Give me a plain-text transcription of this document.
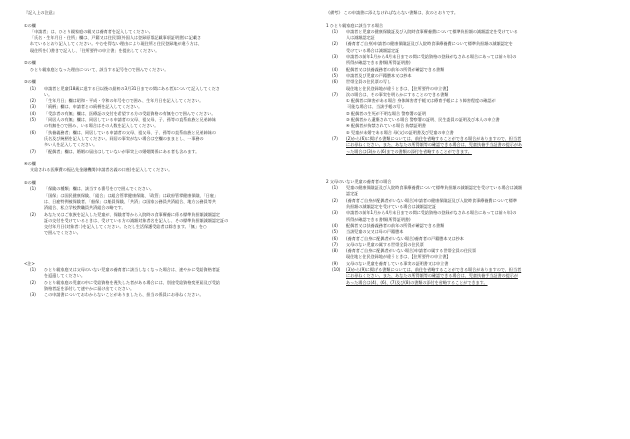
『記入上の注意』
①の欄
「申請者」は、ひとり親家庭の親又は養育者を記入してください。
「氏名・生年月日・住所」欄は、戸籍又は住民票(外国人は登録原票記載事項証明書)に記載さ
れているとおり記入してください。やむを得ない理由により現住所と住民登録地が違う方は、
現住所を( )書きで記入し、「住所要件の申立書」を提出してください。
②の欄
ひとり親家庭となった理由について、該当する記号を○で囲んでください。
③の欄
(1) 申請者と児童(18歳に達する日以後の最初の3月31日までの間にある者)について記入してくださ
い。
(2) 「生年月日」欄は昭和・平成・令和の年号を○で囲み、生年月日を記入してください。
(3) 「続柄」欄は、申請者との続柄を記入してください。
(4) 「受診者の有無」欄は、医療証の交付を希望する方の受給資格の有無を○で囲んでください。
(5) 「同居人の有無」欄は、同居している申請者の父母、祖父母、子、孫等の直系血族と兄弟姉妹
の有無を○で囲み、いる場合はその人数を記入してください。
(6) 「扶養義務者」欄は、同居している申請者の父母、祖父母、子、孫等の直系血族と兄弟姉妹の
氏名及び統柄を記入してください。同居の事実がない場合は空欄のままとし、一事務の
多い人を記入してください。
(7) 「配偶者」欄は、婚姻の届出はしていないが事実上の婚姻関係にある者も含みます。
④の欄
支給される医療費の振込先金融機関(申請者名義の口座)を記入してください。
⑤の欄
(1) 「保険の種類」欄は、該当する番号を○で囲んでください。
「国保」は国民健康保険、「組合」は組合管掌健康保険、「政管」は政府管掌健康保険、「日雇」
は、日雇特例被保険者、「船保」は船員保険、「共済」は国家公務員共済組合、地方公務員等共
済組合、私立学校教職員共済組合の略です。
(2) あなた又はご家族を記入した児童が、保険者等から入院時の食事療養に係る標準負担額減額認定
証の交付を受けているときは、受けている方の減額対象者名を記入し、その標準負担額減額認定証の
交付年月日(対象者: )を記入してください。ただし生活保護受給者は除きます。「無」を○
で囲んでください。
<注>
(1) ひとり親家庭又は父母のいない児童の養育者に該当しなくなった場合は、速やかに受給資格者証
を返還してください。
(2) ひとり親家庭の児童の中に受給資格を喪失した者がある場合には、別途受給資格変更届及び受給
資格者証を添付して速やかに届け出てください。
(3) この申請書についておわからないことがありましたら、担当の係員にお尋ねください。
《備考》 この申請書に添えなければならない書類は、次のとおりです。
1 ひとり親家庭に該当する場合
(1) 申請者と児童の健康保険証及び入院時食事療養費について標準負担額の減額認定を受けている
人は減額認定証
(2) (養育者ご自身)申請者の健康保険証及び入院時食事療養費について標準負担額の減額認定を
受けている場合は減額認定証
(3) 申請者の前年1月から4月末日までの間に受給資格の登録がなされる場合にあっては前々年)の
所得が確認できる書類(所得証明書)
(4) 配偶者又は扶養義務者の前年の所得が確認できる書類
(5) 申請者及び児童の戸籍謄本又は抄本
(6) 世帯全員の住民票の写し
現住地と住民登録地が違うときは、【住所要件の申立書】
(7) 次の場合は、その事実を明らかにすることのできる書類
① 配偶者に障害がある場合 身体障害者手帳又は療育手帳により障害程度の確認が
可能な場合は、当該手帳の写し
② 配偶者の生死が不明な場合 警察署の証明
③ 配偶者から遺棄されている場合 警察署の証明、民生委員の証明及び本人の申立書
④ 配偶者が拘禁されている場合 拘禁証明書
⑤ 児童が未婚である場合 母(父)の証明書及び児童の申立書
(7) (2)から(6)に掲げる書類については、前住を省略することができる場合がありますので、担当者
にお尋ねください。また、あなたの所得額等の確認できる場合は、児童扶養手当証書の提示があ
った場合は(3)から(6)までの書類の添付を省略することができます。
2 父母のいない児童の養育者の場合
(1) 児童の健康保険証及び入院時食事療養費について標準負担額の減額認定を受けている場合は減額
認定証
(2) (養育者ご自身が配偶者がいない場合)申請者の健康保険証及び入院時食事療養費について標準
負担額の減額認定を受けている場合は減額認定証
(3) 申請者の前年1月から4月末日までの間に受給資格の登録がなされる場合にあっては前々年)の
所得が確認できる書類(所得証明書)
(4) 配偶者又は扶養義務者の前年の所得が確認できる書類
(5) 当該児童の父又は母の戸籍謄本
(6) (養育者ご自身に配偶者がいない場合)養育者の戸籍謄本又は抄本
(7) 父母のない児童の属する世帯全員の住民票
(8) (養育者ご自身に配偶者がいない場合)申請者の属する世帯全員の住民票
現住地と住民登録地が違うときは、【住所要件の申立書】
(9) 父母のない児童を養育している事実の証明書又は申立書
(10) (3)から(9)に掲げる書類については、前住を省略することができる場合がありますので、担当者
にお尋ねください。また、あなたの所得額等の確認できる場合は、児童扶養手当証書の提示が
あった場合は(4)、(6)、(7)及び(8)の書類の添付を省略することができます。
